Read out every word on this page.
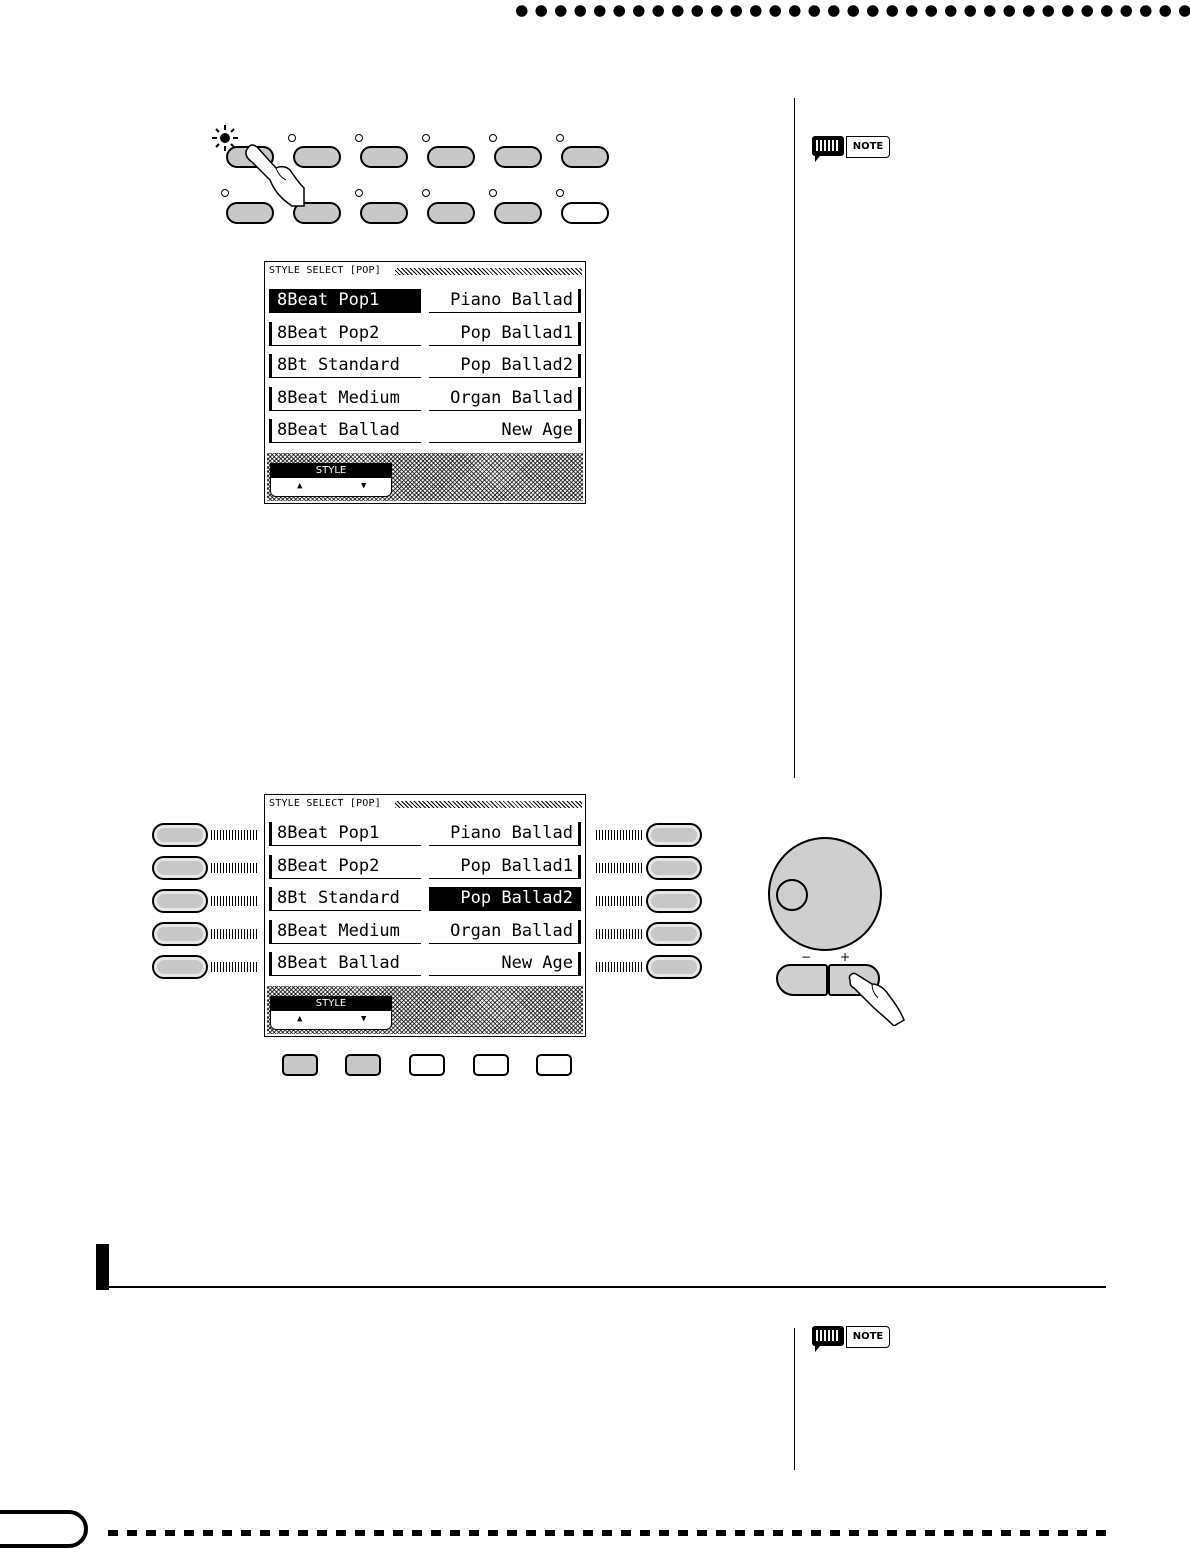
NOTE
NOTE
STYLE SELECT [POP]
8Beat Pop1
8Beat Pop2
8Bt Standard
8Beat Medium
8Beat Ballad
Piano Ballad
Pop Ballad1
Pop Ballad2
Organ Ballad
New Age
STYLE
▲	▼
STYLE SELECT [POP]
8Beat Pop1
8Beat Pop2
8Bt Standard
8Beat Medium
8Beat Ballad
Piano Ballad
Pop Ballad1
Pop Ballad2
Organ Ballad
New Age
STYLE
▲	▼
− +
